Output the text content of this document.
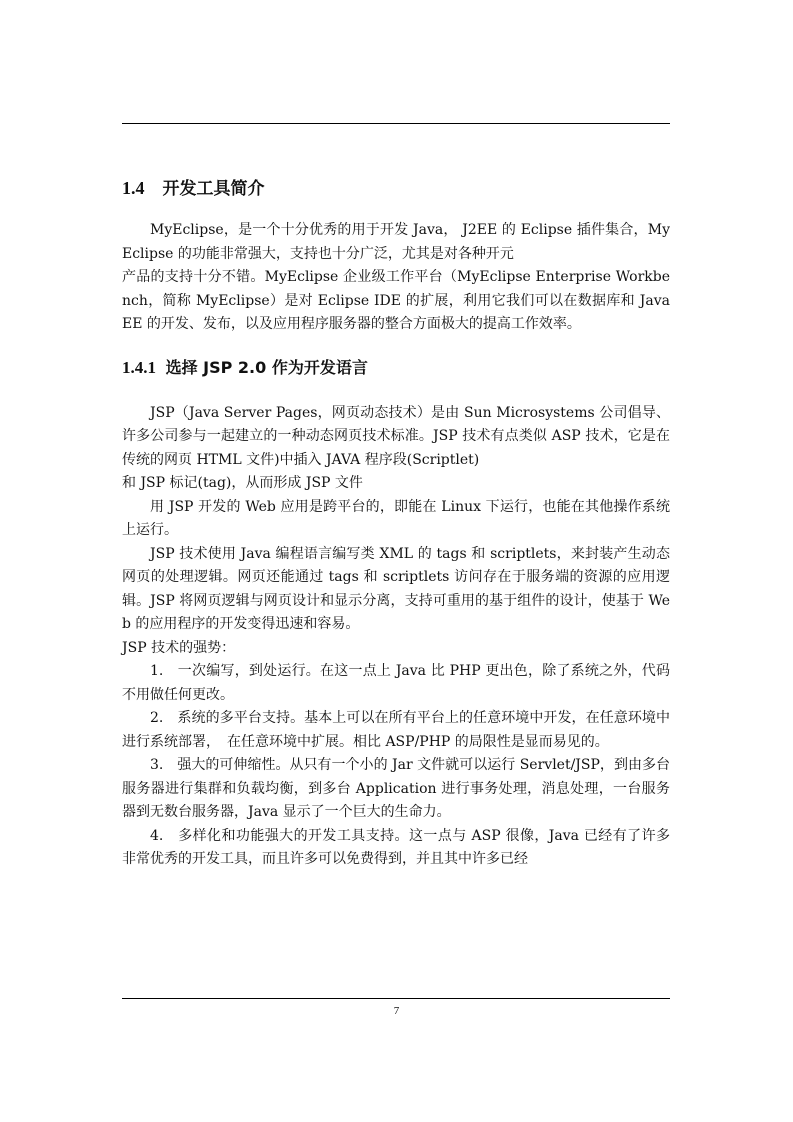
1.4 开发工具简介

MyEclipse，是一个十分优秀的用于开发 Java， J2EE 的 Eclipse 插件集合，MyEclipse 的功能非常强大，支持也十分广泛，尤其是对各种开元
产品的支持十分不错。MyEclipse 企业级工作平台（MyEclipse Enterprise Workbench，简称 MyEclipse）是对 Eclipse IDE 的扩展，利用它我们可以在数据库和 JavaEE 的开发、发布，以及应用程序服务器的整合方面极大的提高工作效率。

1.4.1 选择 JSP 2.0 作为开发语言

JSP（Java Server Pages，网页动态技术）是由 Sun Microsystems 公司倡导、许多公司参与一起建立的一种动态网页技术标准。JSP 技术有点类似 ASP 技术，它是在传统的网页 HTML 文件)中插入 JAVA 程序段(Scriptlet)
和 JSP 标记(tag)，从而形成 JSP 文件

用 JSP 开发的 Web 应用是跨平台的，即能在 Linux 下运行，也能在其他操作系统上运行。

JSP 技术使用 Java 编程语言编写类 XML 的 tags 和 scriptlets，来封装产生动态网页的处理逻辑。网页还能通过 tags 和 scriptlets 访问存在于服务端的资源的应用逻辑。JSP 将网页逻辑与网页设计和显示分离，支持可重用的基于组件的设计，使基于 Web 的应用程序的开发变得迅速和容易。

JSP 技术的强势：

1.　一次编写，到处运行。在这一点上 Java 比 PHP 更出色，除了系统之外，代码不用做任何更改。

2.　系统的多平台支持。基本上可以在所有平台上的任意环境中开发，在任意环境中进行系统部署，　在任意环境中扩展。相比 ASP/PHP 的局限性是显而易见的。

3.　强大的可伸缩性。从只有一个小的 Jar 文件就可以运行 Servlet/JSP，到由多台服务器进行集群和负载均衡，到多台 Application 进行事务处理，消息处理，一台服务器到无数台服务器，Java 显示了一个巨大的生命力。

4.　多样化和功能强大的开发工具支持。这一点与 ASP 很像，Java 已经有了许多非常优秀的开发工具，而且许多可以免费得到，并且其中许多已经

7
